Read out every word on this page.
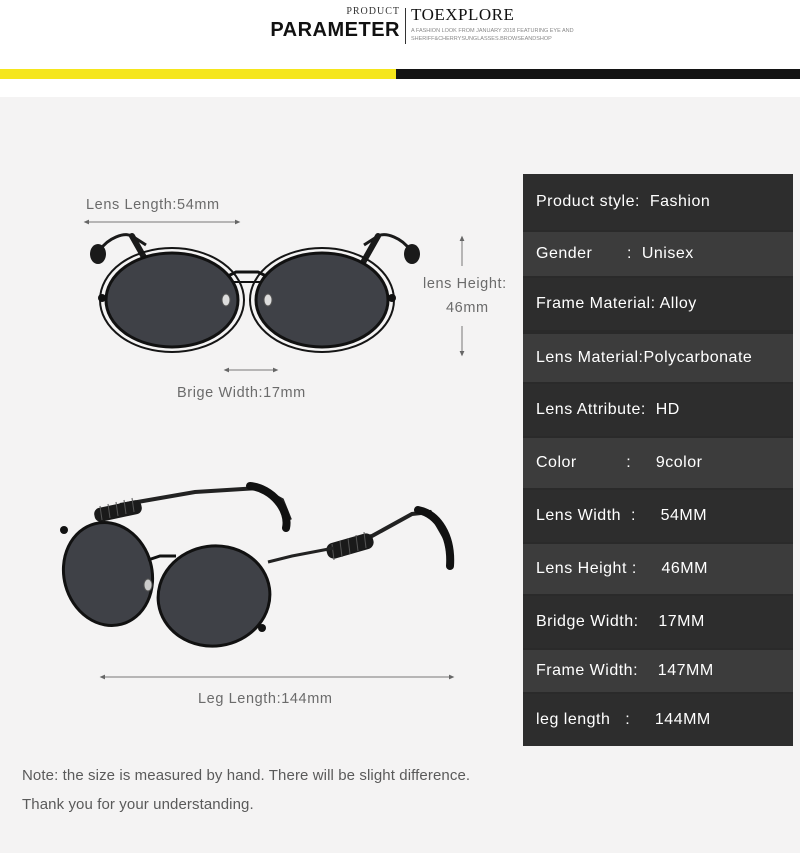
PRODUCT
PARAMETER
TOEXPLORE
A FASHION LOOK FROM JANUARY 2018 FEATURING EYE AND SHERIFF&CHERRYSUNGLASSES.BROWSEANDSHOP
Lens Length:54mm
lens Height:
46mm
Brige Width:17mm
Leg Length:144mm
Product style: Fashion
Gender :  Unisex
Frame Material: Alloy
Lens Material: Polycarbonate
Lens Attribute: HD
Color :     9color
Lens Width :     54MM
Lens Height :     46MM
Bridge Width: 17MM
Frame Width: 147MM
leg length :     144MM
Note: the size is measured by hand. There will be slight difference.
Thank you for your understanding.
